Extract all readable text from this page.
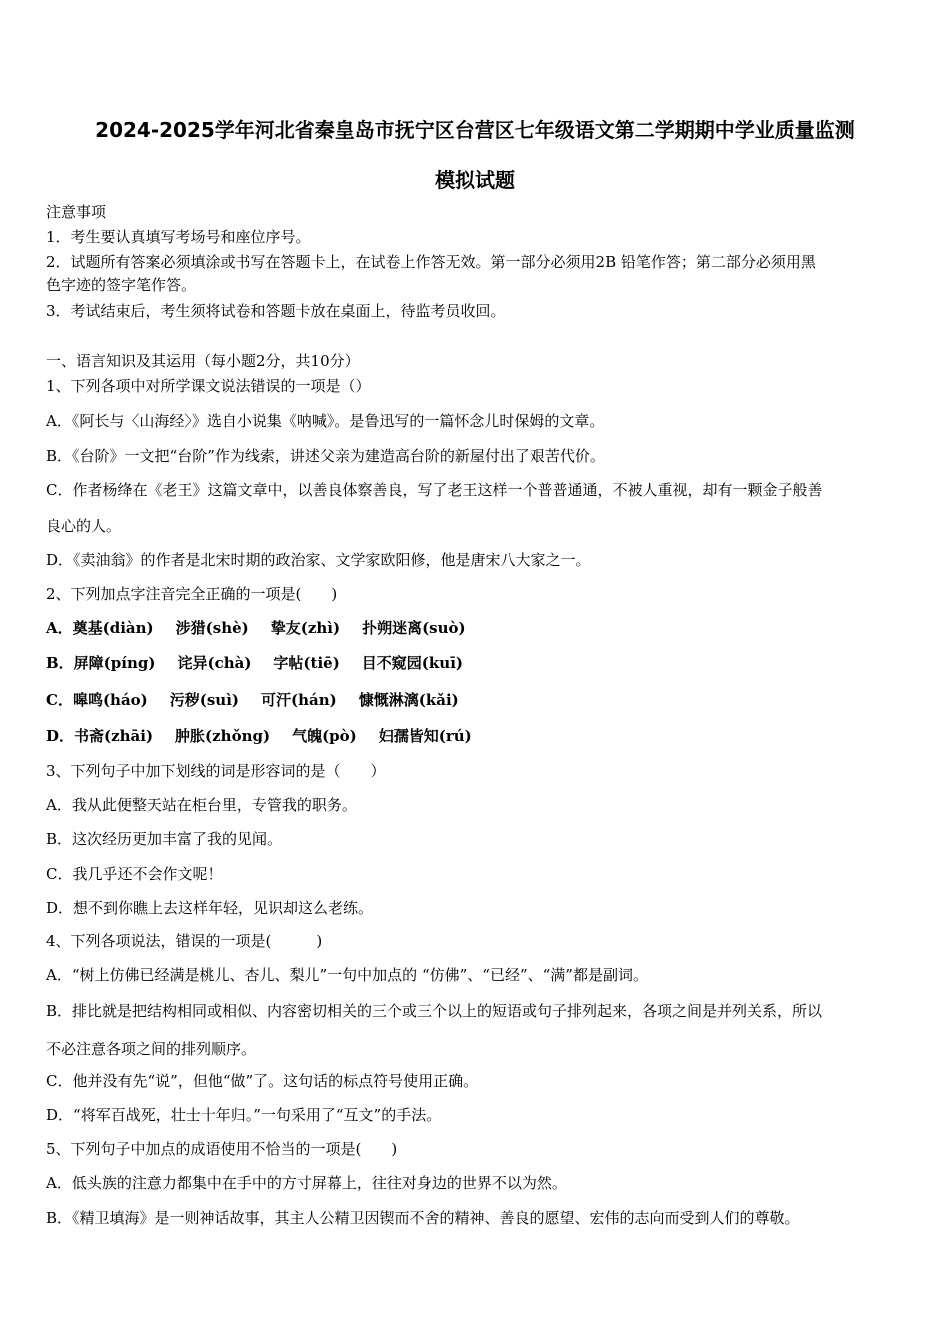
2024-2025学年河北省秦皇岛市抚宁区台营区七年级语文第二学期期中学业质量监测
模拟试题
注意事项
1．考生要认真填写考场号和座位序号。
2．试题所有答案必须填涂或书写在答题卡上，在试卷上作答无效。第一部分必须用2B 铅笔作答；第二部分必须用黑
色字迹的签字笔作答。
3．考试结束后，考生须将试卷和答题卡放在桌面上，待监考员收回。
一、语言知识及其运用（每小题2分，共10分）
1、下列各项中对所学课文说法错误的一项是（）
A．《阿长与〈山海经〉》选自小说集《呐喊》。是鲁迅写的一篇怀念儿时保姆的文章。
B．《台阶》一文把“台阶”作为线索，讲述父亲为建造高台阶的新屋付出了艰苦代价。
C．作者杨绛在《老王》这篇文章中，以善良体察善良，写了老王这样一个普普通通，不被人重视，却有一颗金子般善
良心的人。
D．《卖油翁》的作者是北宋时期的政治家、文学家欧阳修，他是唐宋八大家之一。
2、下列加点字注音完全正确的一项是(　　)
A．奠基(diàn) 涉猎(shè) 挚友(zhì) 扑朔迷离(suò)
B．屏障(píng) 诧异(chà) 字帖(tiē) 目不窥园(kuī)
C．嗥鸣(háo) 污秽(suì) 可汗(hán) 慷慨淋漓(kǎi)
D．书斋(zhāi) 肿胀(zhǒng) 气魄(pò) 妇孺皆知(rú)
3、下列句子中加下划线的词是形容词的是（　　）
A．我从此便整天站在柜台里，专管我的职务。
B．这次经历更加丰富了我的见闻。
C．我几乎还不会作文呢！
D．想不到你瞧上去这样年轻，见识却这么老练。
4、下列各项说法，错误的一项是(　　　)
A．“树上仿佛已经满是桃儿、杏儿、梨儿”一句中加点的 “仿佛”、“已经”、“满”都是副词。
B．排比就是把结构相同或相似、内容密切相关的三个或三个以上的短语或句子排列起来，各项之间是并列关系，所以
不必注意各项之间的排列顺序。
C．他并没有先“说”，但他“做”了。这句话的标点符号使用正确。
D．“将军百战死，壮士十年归。”一句采用了“互文”的手法。
5、下列句子中加点的成语使用不恰当的一项是(　　)
A．低头族的注意力都集中在手中的方寸屏幕上，往往对身边的世界不以为然。
B．《精卫填海》是一则神话故事，其主人公精卫因锲而不舍的精神、善良的愿望、宏伟的志向而受到人们的尊敬。
